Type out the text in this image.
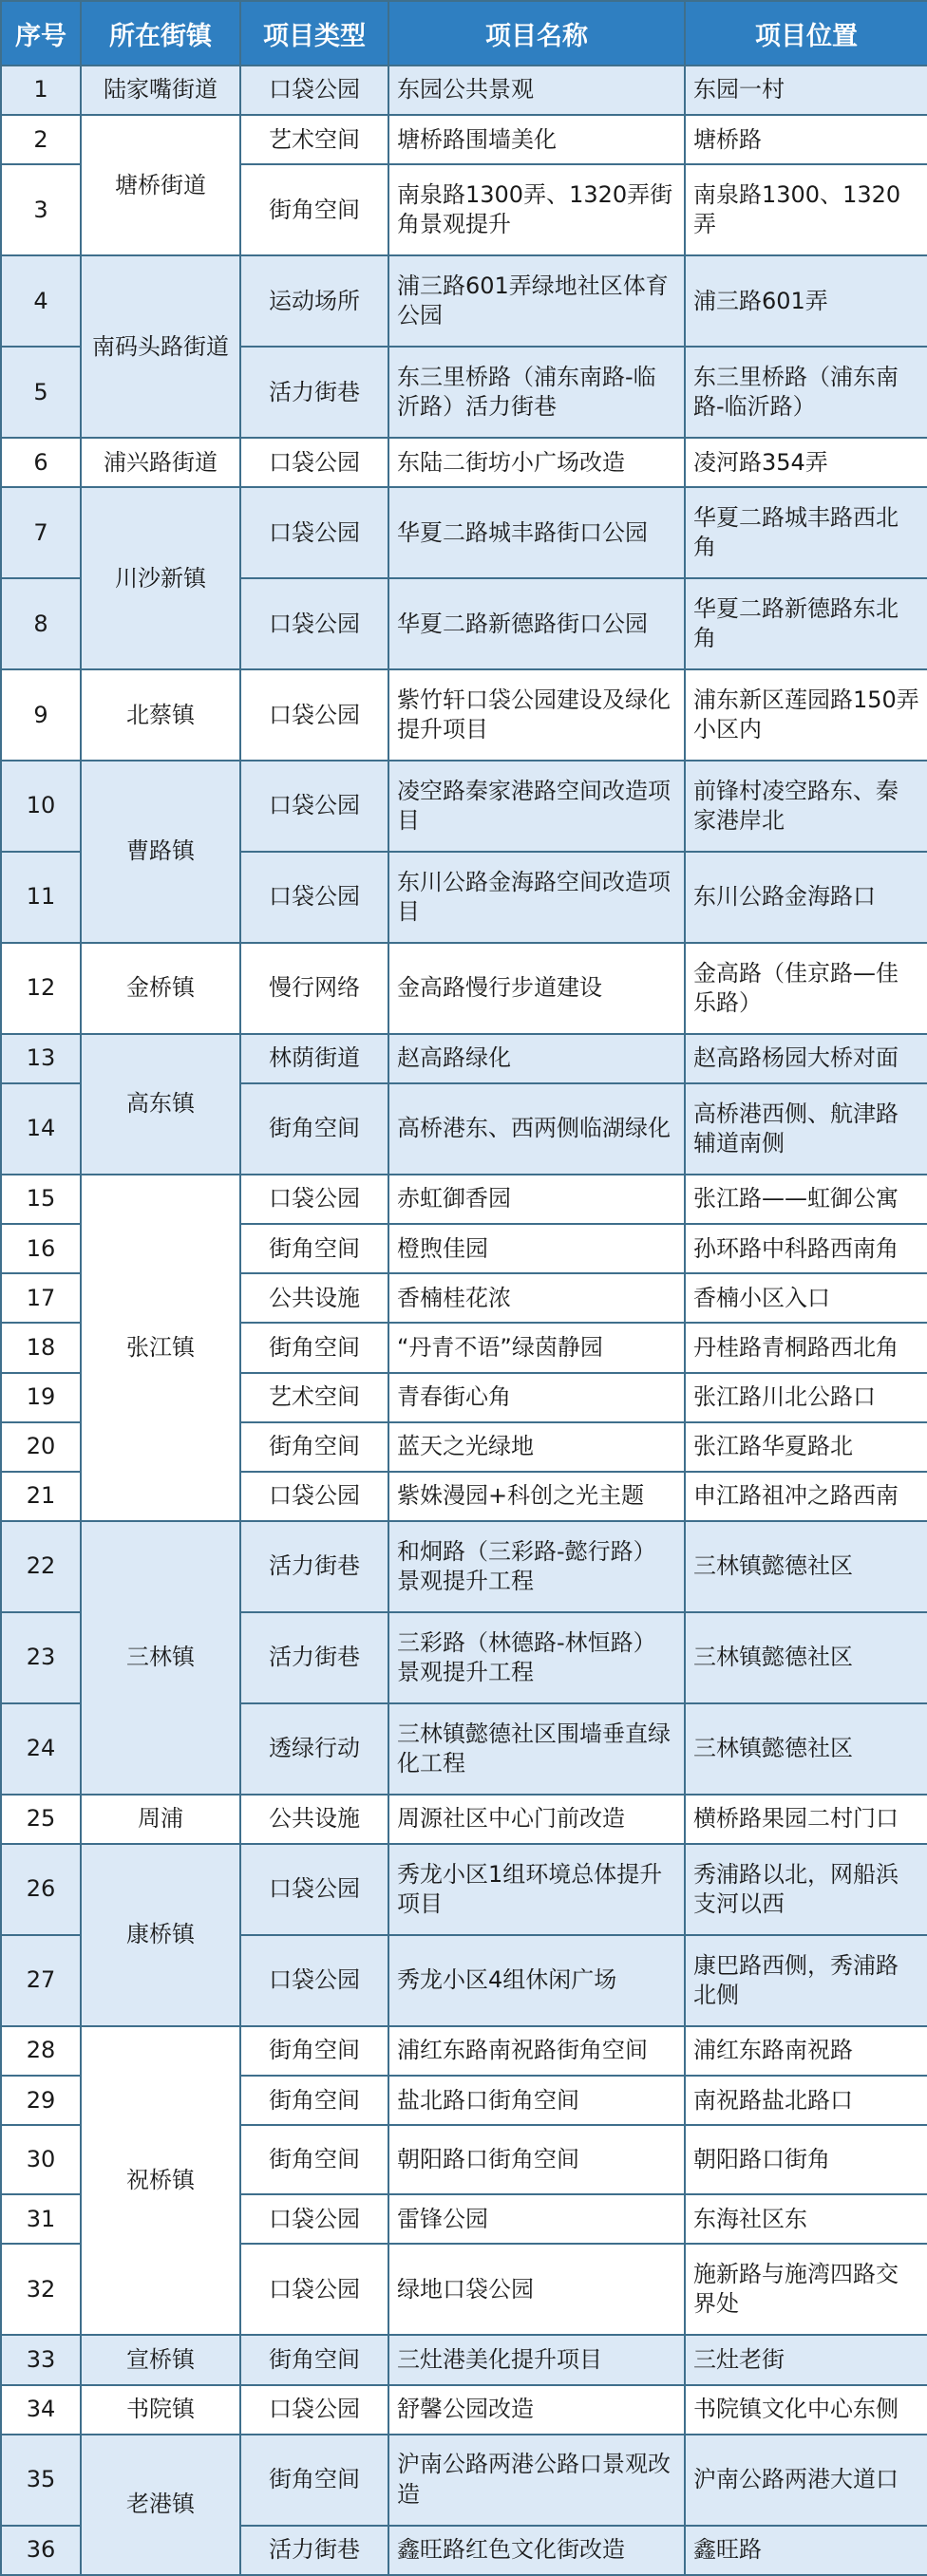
序号	所在街镇	项目类型	项目名称	项目位置
1	陆家嘴街道	口袋公园	东园公共景观	东园一村
2	塘桥街道	艺术空间	塘桥路围墙美化	塘桥路
3		街角空间	南泉路1300弄、1320弄街角景观提升	南泉路1300、1320弄
4	南码头路街道	运动场所	浦三路601弄绿地社区体育公园	浦三路601弄
5		活力街巷	东三里桥路（浦东南路-临沂路）活力街巷	东三里桥路（浦东南路-临沂路）
6	浦兴路街道	口袋公园	东陆二街坊小广场改造	凌河路354弄
7	川沙新镇	口袋公园	华夏二路城丰路街口公园	华夏二路城丰路西北角
8		口袋公园	华夏二路新德路街口公园	华夏二路新德路东北角
9	北蔡镇	口袋公园	紫竹轩口袋公园建设及绿化提升项目	浦东新区莲园路150弄小区内
10	曹路镇	口袋公园	凌空路秦家港路空间改造项目	前锋村凌空路东、秦家港岸北
11		口袋公园	东川公路金海路空间改造项目	东川公路金海路口
12	金桥镇	慢行网络	金高路慢行步道建设	金高路（佳京路—佳乐路）
13	高东镇	林荫街道	赵高路绿化	赵高路杨园大桥对面
14		街角空间	高桥港东、西两侧临湖绿化	高桥港西侧、航津路辅道南侧
15	张江镇	口袋公园	赤虹御香园	张江路——虹御公寓
16		街角空间	橙煦佳园	孙环路中科路西南角
17		公共设施	香楠桂花浓	香楠小区入口
18		街角空间	“丹青不语”绿茵静园	丹桂路青桐路西北角
19		艺术空间	青春街心角	张江路川北公路口
20		街角空间	蓝天之光绿地	张江路华夏路北
21		口袋公园	紫姝漫园+科创之光主题	申江路祖冲之路西南
22	三林镇	活力街巷	和炯路（三彩路-懿行路）景观提升工程	三林镇懿德社区
23		活力街巷	三彩路（林德路-林恒路）景观提升工程	三林镇懿德社区
24		透绿行动	三林镇懿德社区围墙垂直绿化工程	三林镇懿德社区
25	周浦	公共设施	周源社区中心门前改造	横桥路果园二村门口
26	康桥镇	口袋公园	秀龙小区1组环境总体提升项目	秀浦路以北，网船浜支河以西
27		口袋公园	秀龙小区4组休闲广场	康巴路西侧，秀浦路北侧
28	祝桥镇	街角空间	浦红东路南祝路街角空间	浦红东路南祝路
29		街角空间	盐北路口街角空间	南祝路盐北路口
30		街角空间	朝阳路口街角空间	朝阳路口街角
31		口袋公园	雷锋公园	东海社区东
32		口袋公园	绿地口袋公园	施新路与施湾四路交界处
33	宣桥镇	街角空间	三灶港美化提升项目	三灶老街
34	书院镇	口袋公园	舒馨公园改造	书院镇文化中心东侧
35	老港镇	街角空间	沪南公路两港公路口景观改造	沪南公路两港大道口
36		活力街巷	鑫旺路红色文化街改造	鑫旺路
